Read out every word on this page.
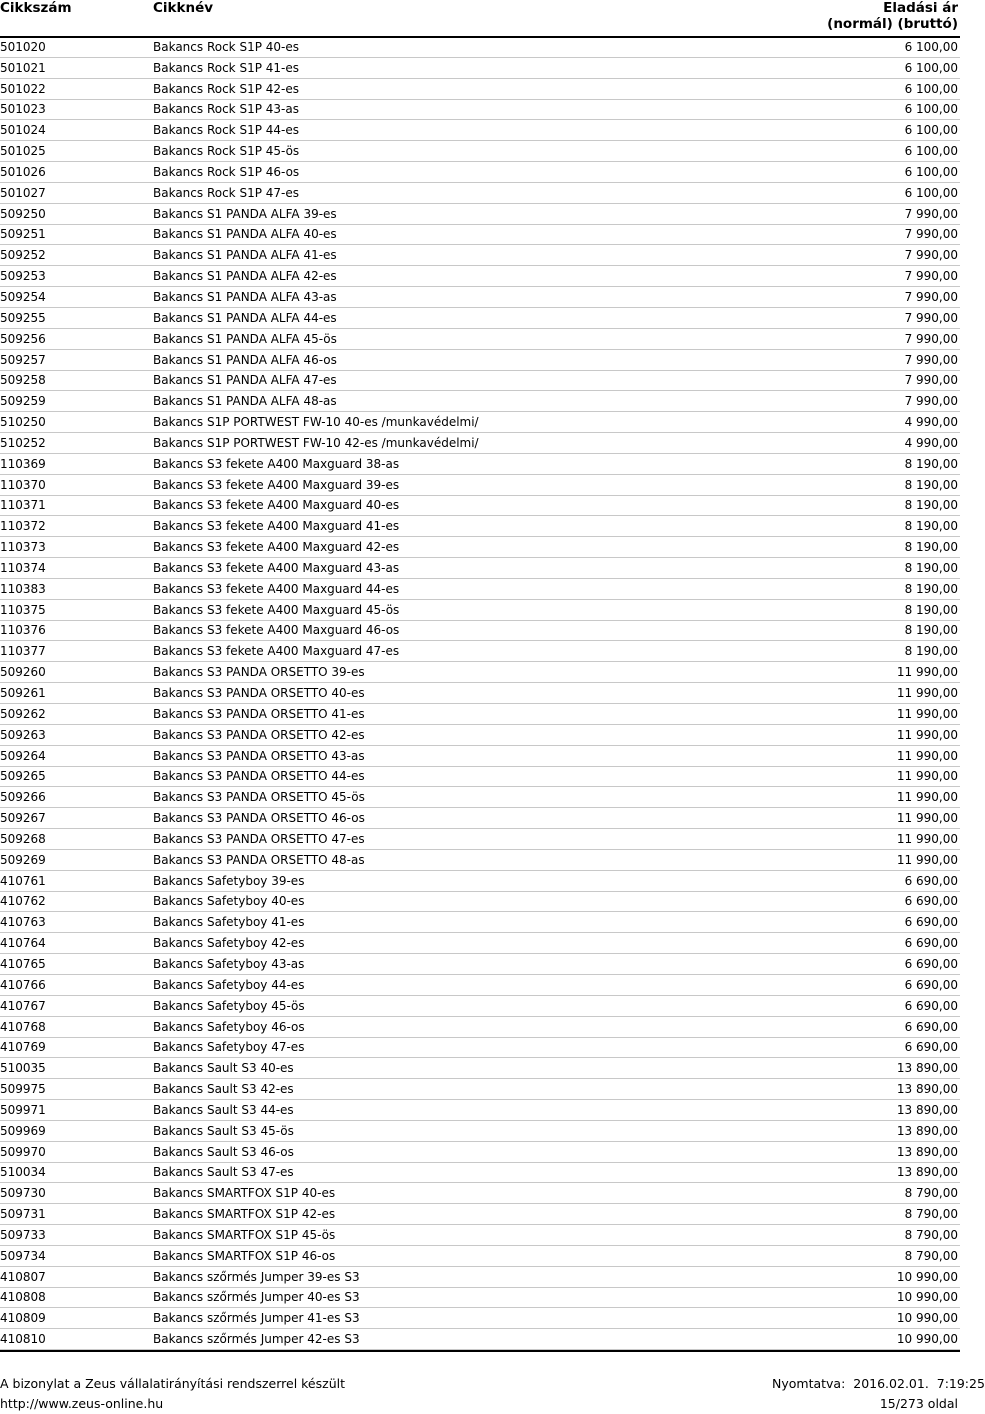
Cikkszám	Cikknév	Eladási ár
(normál) (bruttó)
501020	Bakancs Rock S1P 40-es	6 100,00
501021	Bakancs Rock S1P 41-es	6 100,00
501022	Bakancs Rock S1P 42-es	6 100,00
501023	Bakancs Rock S1P 43-as	6 100,00
501024	Bakancs Rock S1P 44-es	6 100,00
501025	Bakancs Rock S1P 45-ös	6 100,00
501026	Bakancs Rock S1P 46-os	6 100,00
501027	Bakancs Rock S1P 47-es	6 100,00
509250	Bakancs S1 PANDA ALFA 39-es	7 990,00
509251	Bakancs S1 PANDA ALFA 40-es	7 990,00
509252	Bakancs S1 PANDA ALFA 41-es	7 990,00
509253	Bakancs S1 PANDA ALFA 42-es	7 990,00
509254	Bakancs S1 PANDA ALFA 43-as	7 990,00
509255	Bakancs S1 PANDA ALFA 44-es	7 990,00
509256	Bakancs S1 PANDA ALFA 45-ös	7 990,00
509257	Bakancs S1 PANDA ALFA 46-os	7 990,00
509258	Bakancs S1 PANDA ALFA 47-es	7 990,00
509259	Bakancs S1 PANDA ALFA 48-as	7 990,00
510250	Bakancs S1P PORTWEST FW-10 40-es /munkavédelmi/	4 990,00
510252	Bakancs S1P PORTWEST FW-10 42-es /munkavédelmi/	4 990,00
110369	Bakancs S3 fekete A400 Maxguard 38-as	8 190,00
110370	Bakancs S3 fekete A400 Maxguard 39-es	8 190,00
110371	Bakancs S3 fekete A400 Maxguard 40-es	8 190,00
110372	Bakancs S3 fekete A400 Maxguard 41-es	8 190,00
110373	Bakancs S3 fekete A400 Maxguard 42-es	8 190,00
110374	Bakancs S3 fekete A400 Maxguard 43-as	8 190,00
110383	Bakancs S3 fekete A400 Maxguard 44-es	8 190,00
110375	Bakancs S3 fekete A400 Maxguard 45-ös	8 190,00
110376	Bakancs S3 fekete A400 Maxguard 46-os	8 190,00
110377	Bakancs S3 fekete A400 Maxguard 47-es	8 190,00
509260	Bakancs S3 PANDA ORSETTO 39-es	11 990,00
509261	Bakancs S3 PANDA ORSETTO 40-es	11 990,00
509262	Bakancs S3 PANDA ORSETTO 41-es	11 990,00
509263	Bakancs S3 PANDA ORSETTO 42-es	11 990,00
509264	Bakancs S3 PANDA ORSETTO 43-as	11 990,00
509265	Bakancs S3 PANDA ORSETTO 44-es	11 990,00
509266	Bakancs S3 PANDA ORSETTO 45-ös	11 990,00
509267	Bakancs S3 PANDA ORSETTO 46-os	11 990,00
509268	Bakancs S3 PANDA ORSETTO 47-es	11 990,00
509269	Bakancs S3 PANDA ORSETTO 48-as	11 990,00
410761	Bakancs Safetyboy 39-es	6 690,00
410762	Bakancs Safetyboy 40-es	6 690,00
410763	Bakancs Safetyboy 41-es	6 690,00
410764	Bakancs Safetyboy 42-es	6 690,00
410765	Bakancs Safetyboy 43-as	6 690,00
410766	Bakancs Safetyboy 44-es	6 690,00
410767	Bakancs Safetyboy 45-ös	6 690,00
410768	Bakancs Safetyboy 46-os	6 690,00
410769	Bakancs Safetyboy 47-es	6 690,00
510035	Bakancs Sault S3 40-es	13 890,00
509975	Bakancs Sault S3 42-es	13 890,00
509971	Bakancs Sault S3 44-es	13 890,00
509969	Bakancs Sault S3 45-ös	13 890,00
509970	Bakancs Sault S3 46-os	13 890,00
510034	Bakancs Sault S3 47-es	13 890,00
509730	Bakancs SMARTFOX S1P 40-es	8 790,00
509731	Bakancs SMARTFOX S1P 42-es	8 790,00
509733	Bakancs SMARTFOX S1P 45-ös	8 790,00
509734	Bakancs SMARTFOX S1P 46-os	8 790,00
410807	Bakancs szőrmés Jumper 39-es S3	10 990,00
410808	Bakancs szőrmés Jumper 40-es S3	10 990,00
410809	Bakancs szőrmés Jumper 41-es S3	10 990,00
410810	Bakancs szőrmés Jumper 42-es S3	10 990,00
A bizonylat a Zeus vállalatirányítási rendszerrel készült
http://www.zeus-online.hu
Nyomtatva:  2016.02.01.  7:19:25
15/273 oldal
